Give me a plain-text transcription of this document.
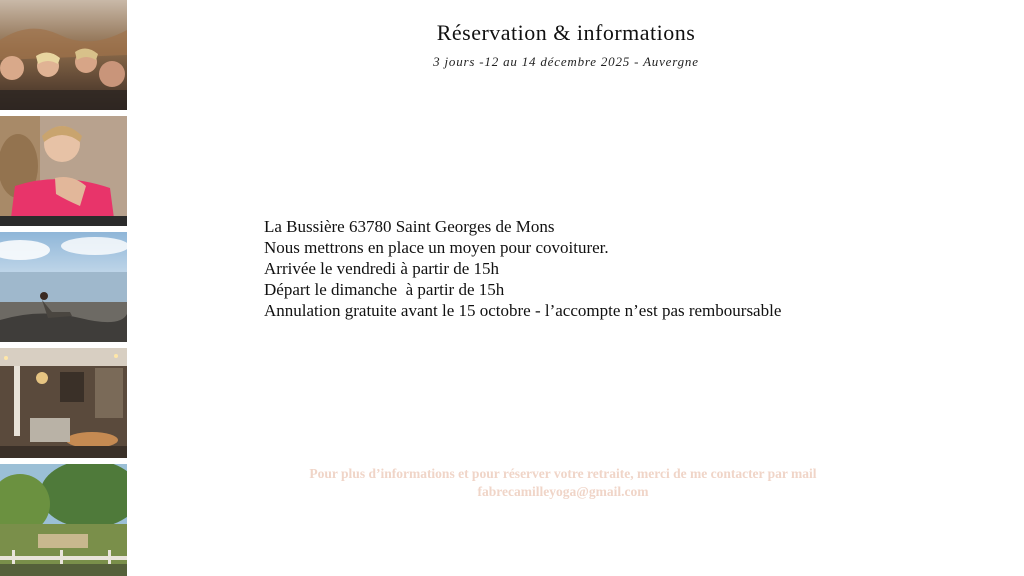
Réservation & informations
3 jours -12 au 14 décembre 2025 - Auvergne
La Bussière 63780 Saint Georges de Mons
Nous mettrons en place un moyen pour covoiturer.
Arrivée le vendredi à partir de 15h
Départ le dimanche  à partir de 15h
Annulation gratuite avant le 15 octobre - l’accompte n’est pas remboursable
Pour plus d’informations et pour réserver votre retraite, merci de me contacter par mail
fabrecamilleyoga@gmail.com
